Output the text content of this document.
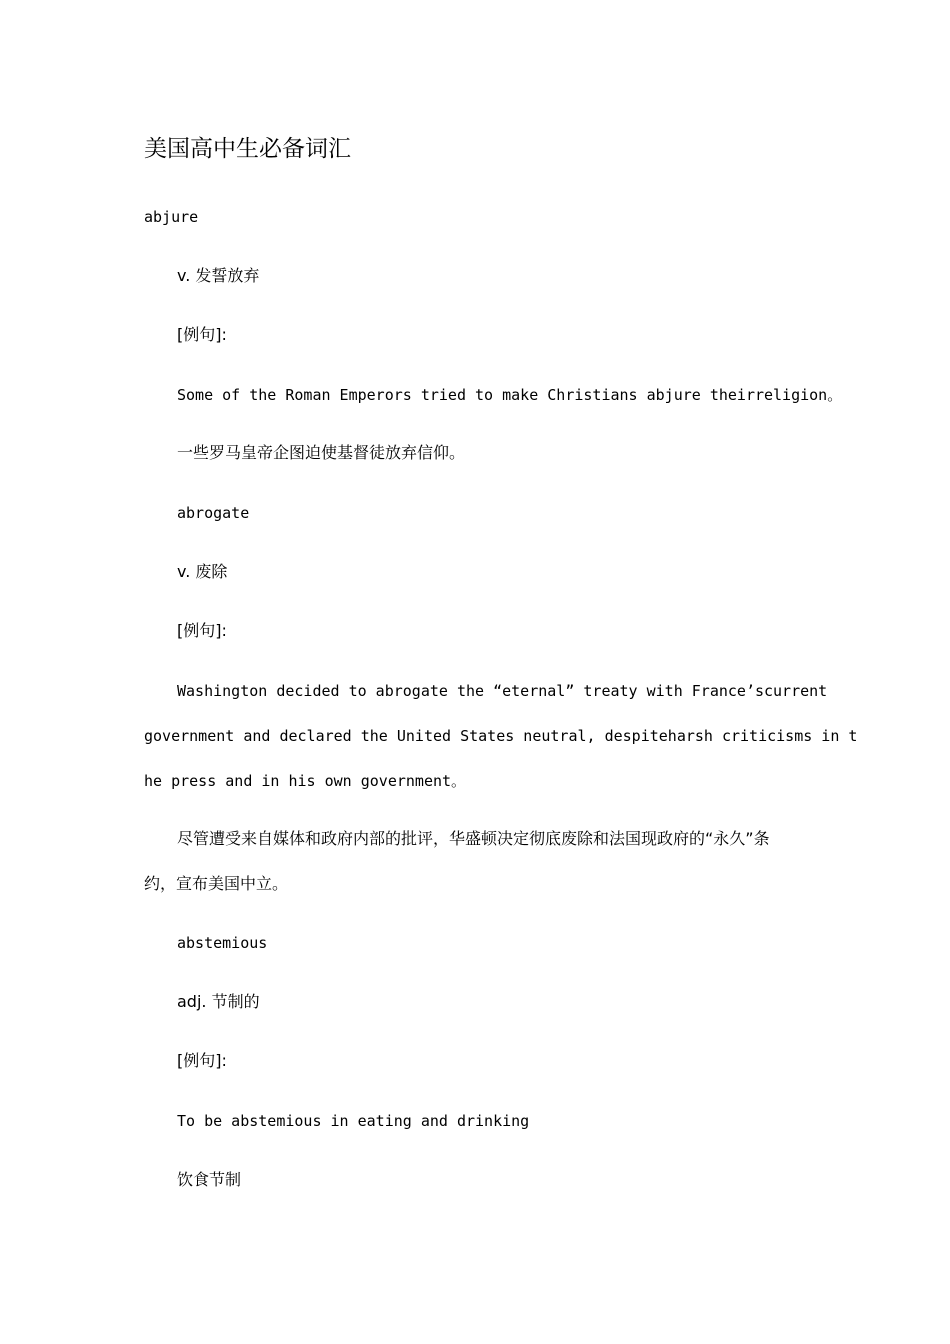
美国高中生必备词汇
abjure
v. 发誓放弃
[例句]:
Some of the Roman Emperors tried to make Christians abjure theirreligion。
一些罗马皇帝企图迫使基督徒放弃信仰。
abrogate
v. 废除
[例句]:
Washington decided to abrogate the “eternal” treaty with France’scurrent
government and declared the United States neutral, despiteharsh criticisms in t
he press and in his own government。
尽管遭受来自媒体和政府内部的批评，华盛顿决定彻底废除和法国现政府的“永久”条
约，宣布美国中立。
abstemious
adj. 节制的
[例句]:
To be abstemious in eating and drinking
饮食节制
